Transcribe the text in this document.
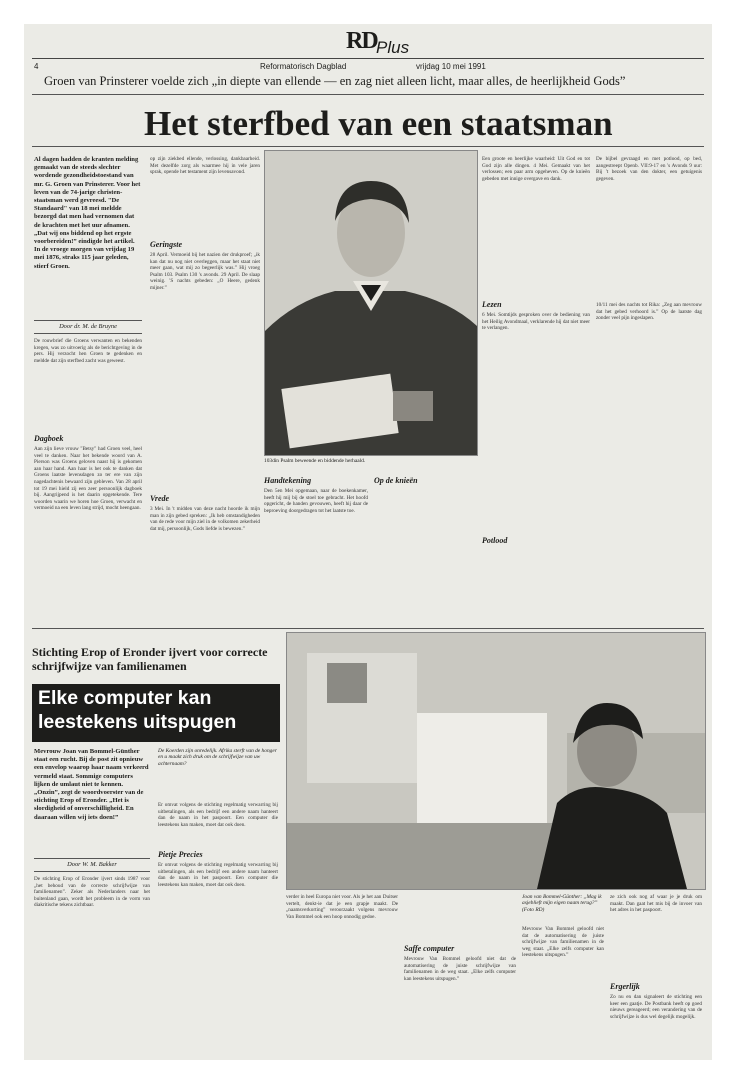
RD Plus
4	Reformatorisch Dagblad	vrijdag 10 mei 1991
Groen van Prinsterer voelde zich „in diepte van ellende — en zag niet alleen licht, maar alles, de heerlijkheid Gods”
Het sterfbed van een staatsman
Al dagen hadden de kranten melding gemaakt van de steeds slechter wordende gezondheidstoestand van mr. G. Groen van Prinsterer. Voor het leven van de 74-jarige christen-staatsman werd gevreesd. "De Standaard" van 18 mei meldde bezorgd dat men had vernomen dat de krachten met het uur afnamen. „Dat wij ons biddend op het ergste voorbereiden!” eindigde het artikel. In de vroege morgen van vrijdag 19 mei 1876, straks 115 jaar geleden, stierf Groen.
Door dr. M. de Bruyne
De rouwbrief die Groens verwanten en bekenden kregen, was zo uitvoerig als de berichtgeving in de pers. Hij verzocht hen Groen te gedenken en meldde dat zijn sterfbed zacht was geweest.
Dagboek
Aan zijn lieve vrouw "Betsy" had Groen veel, heel veel te danken. Naar het bekende woord van A. Pierson was Groens geloven naast hij is gekomen aan haar hand. Aan haar is het ook te danken dat Groens laatste levensdagen zo ter ere van zijn nagedachtenis bewaard zijn gebleven. Van 28 april tot 19 mei hield zij een zeer persoonlijk dagboek bij. Aangrijpend is het daarin opgetekende. Tere woorden waarin we horen hoe Groen, verwacht en vermoeid na een leven lang strijd, mocht heengaan.
op zijn ziekbed ellende, verlossing, dankbaarheid. Met dezelfde zorg als waarmee hij in vele jaren sprak, opende het testament zijn levensavond.
Geringste
28 April. Vermoeid bij het nazien der drukproef; „ik kan dat nu nog niet overleggen, maar het staat niet meer gaan, wat mij zo begeerlijk was.” Hij vroeg Psalm 103. Psalm 130 's avonds. 29 April. De slaap weinig. 'S nachts gebeden: „O Heere, gedenk mijner.”
Vrede
3 Mei. In 't midden van deze nacht hoorde ik mijn man in zijn gebed spreken: „Ik heb omstandigheden van de rede voor mijn ziel in de volkomen zekerheid dat mij, persoonlijk, Gods liefde is bewezen.”
103din Psalm beweende en biddende herhaald.
Handtekening
Den 5en Mei opgemaan, naar de boekenkamer, heeft hij mij bij de stoel toe gebracht. Het hoofd opgericht, de handen gevouwen, heeft hij daar de beproeving doorgedragen tot het laatste toe.
Op de knieën
Een groote en heerlijke waarheid: Uit God en tot God zijn alle dingen. 4 Mei. Gemaakt van het verlossen; een paar arm opgeheven. Op de knieën gebeden met innige overgave en dank.
Lezen
6 Mei. Somtijds gesproken over de bediening van het Heilig Avondmaal, verklarende hij dat niet meer te verlangen.
Potlood
De bijbel gevraagd en met potlood, op bed, aangestreept Openb. VII:9-17 en 's Avonds 9 uur: Bij 't bezoek van den dokter, een getuigenis gegeven.
10/11 mei des nachts tot Rika: „Zeg aan mevrouw dat het gebed verhoord is.” Op de laatste dag zonder veel pijn ingeslapen.
Stichting Erop of Eronder ijvert voor correcte schrijfwijze van familienamen
Elke computer kan leestekens uitspugen
Mevrouw Joan van Bommel-Günther staat een rucht. Bij de post zit opnieuw een envelop waarop haar naam verkeerd vermeld staat. Sommige computers lijken de umlaut niet te kennen. „Onzin”, zegt de woordvoerster van de stichting Erop of Eronder. „Het is slordigheid of onverschilligheid. En daaraan willen wij iets doen!”
Door W. M. Bakker
De stichting Erop of Eronder ijvert sinds 1987 voor „het behoud van de correcte schrijfwijze van familienamen”. Zeker als Nederlanders naar het buitenland gaan, wordt het probleem in de vorm van diakritische tekens zichtbaar.
De Koerden zijn onredelijk. Afrika sterft van de honger en u maakt zich druk om de schrijfwijze van uw achternaam?
Er omvat volgens de stichting regelmatig verwarring bij uitbetalingen, als een bedrijf een andere naam hanteert dan de naam in het paspoort. Een computer die leestekens kan maken, moet dat ook doen.
Pietje Precies
Er omvat volgens de stichting regelmatig verwarring bij uitbetalingen, als een bedrijf een andere naam hanteert dan de naam in het paspoort. Een computer die leestekens kan maken, moet dat ook doen.
verder in heel Europa niet voor. Als je het aan Duitser vertelt, denkt-ie dat je een grapje maakt. De „naamsverkorting” veroorzaakt volgens mevrouw Van Bommel ook een hoop onnodig gedoe.
Saffe computer
Mevrouw Van Bommel geloofd niet dat de automatisering de juiste schrijfwijze van familienamen in de weg staat. „Elke zelfs computer kan leestekens uitspugen.”
Joan van Bommel-Günther: „Mag ik asjeblieft mijn eigen naam terug?” (Foto RD)
Mevrouw Van Bommel geloofd niet dat de automatisering de juiste schrijfwijze van familienamen in de weg staat. „Elke zelfs computer kan leestekens uitspugen.”
ze zich ook nog af waar je je druk om maakt. Dan gaat het mis bij de invoer van het adres in het paspoort.
Ergerlijk
Zo nu en dan signaleert de stichting een keer een gaatje. De Postbank heeft op goed nieuws gereageerd; een verandering van de schrijfwijze is dus wel degelijk mogelijk.
